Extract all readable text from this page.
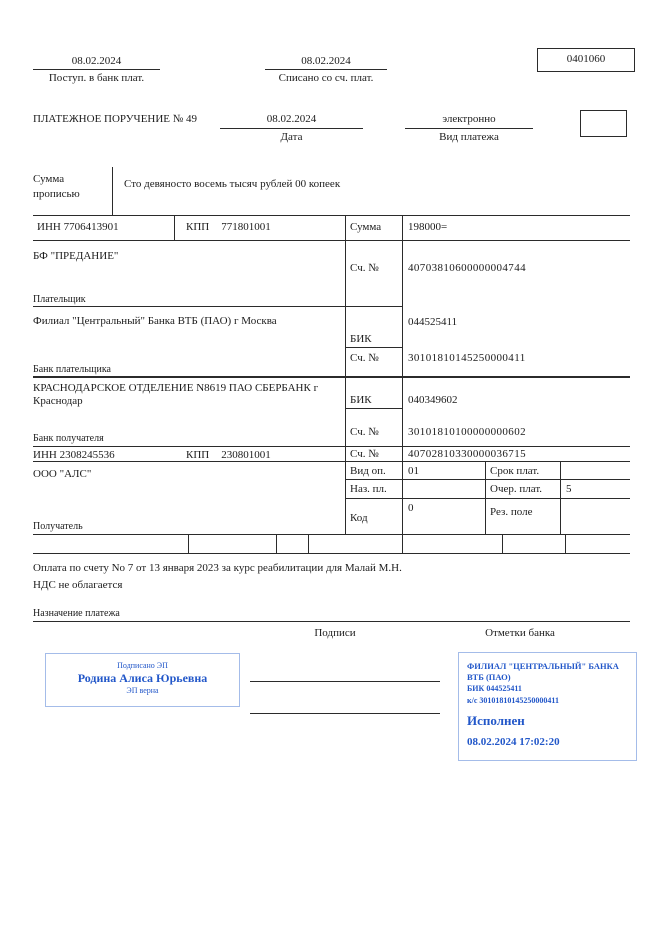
08.02.2024
Поступ. в банк плат.
08.02.2024
Списано со сч. плат.
0401060
ПЛАТЕЖНОЕ ПОРУЧЕНИЕ № 49	08.02.2024
Дата
электронно
Вид платежа
Сумма
прописью
Сто девяносто восемь тысяч рублей 00 копеек
ИНН 7706413901	КПП 771801001	Сумма 198000=
БФ "ПРЕДАНИЕ"
Сч. №	40703810600000004744
Плательщик
Филиал "Центральный" Банка ВТБ (ПАО) г Москва
БИК
044525411
Сч. №	30101810145250000411
Банк плательщика
КРАСНОДАРСКОЕ ОТДЕЛЕНИЕ N8619 ПАО СБЕРБАНК г Краснодар	БИК	040349602
Сч. №	30101810100000000602
Банк получателя
ИНН 2308245536	КПП 230801001	Сч. №	40702810330000036715
ООО "АЛС"	Вид оп. 01	Срок плат.
Наз. пл.	Очер. плат. 5
Код
0	Рез. поле
Получатель
Оплата по счету No 7 от 13 января 2023 за курс реабилитации для Малай М.Н.
НДС не облагается
Назначение платежа
Подписи	Отметки банка
Подписано ЭП
Родина Алиса Юрьевна
ЭП верна
ФИЛИАЛ "ЦЕНТРАЛЬНЫЙ" БАНКА
ВТБ (ПАО)
БИК 044525411
к/с 30101810145250000411
Исполнен
08.02.2024 17:02:20
